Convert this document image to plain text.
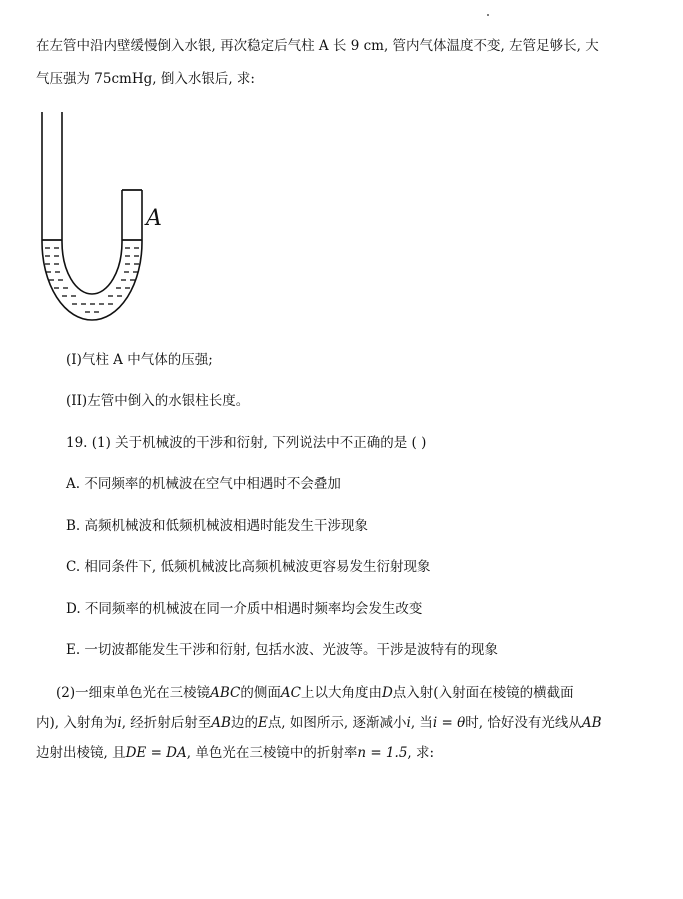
在左管中沿内壁缓慢倒入水银, 再次稳定后气柱 A 长 9 cm, 管内气体温度不变, 左管足够长, 大
气压强为 75cmHg, 倒入水银后, 求:
A
(I)气柱 A 中气体的压强;
(II)左管中倒入的水银柱长度。
19. (1) 关于机械波的干涉和衍射, 下列说法中不正确的是 ( )
A. 不同频率的机械波在空气中相遇时不会叠加
B. 高频机械波和低频机械波相遇时能发生干涉现象
C. 相同条件下, 低频机械波比高频机械波更容易发生衍射现象
D. 不同频率的机械波在同一介质中相遇时频率均会发生改变
E. 一切波都能发生干涉和衍射, 包括水波、光波等。干涉是波特有的现象
(2)一细束单色光在三棱镜ABC的侧面AC上以大角度由D点入射(入射面在棱镜的横截面
内), 入射角为i, 经折射后射至AB边的E点, 如图所示, 逐渐减小i, 当i = θ时, 恰好没有光线从AB
边射出棱镜, 且DE = DA, 单色光在三棱镜中的折射率n = 1.5, 求:
